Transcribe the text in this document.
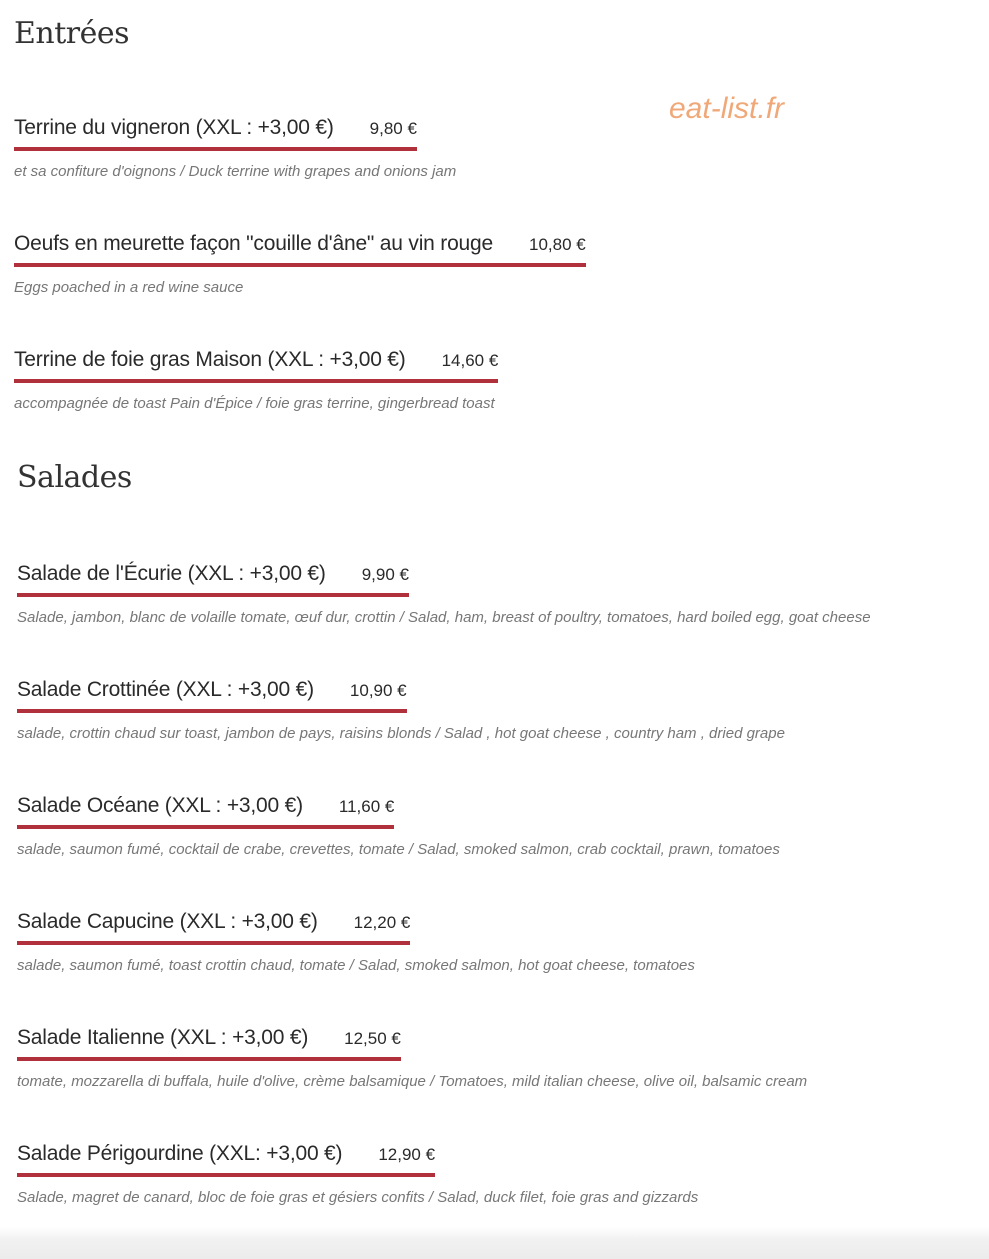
Entrées
eat-list.fr
Terrine du vigneron (XXL : +3,00 €) 9,80 €
et sa confiture d'oignons / Duck terrine with grapes and onions jam
Oeufs en meurette façon "couille d'âne" au vin rouge 10,80 €
Eggs poached in a red wine sauce
Terrine de foie gras Maison (XXL : +3,00 €) 14,60 €
accompagnée de toast Pain d'Épice / foie gras terrine, gingerbread toast
Salades
Salade de l'Écurie (XXL : +3,00 €) 9,90 €
Salade, jambon, blanc de volaille tomate, œuf dur, crottin / Salad, ham, breast of poultry, tomatoes, hard boiled egg, goat cheese
Salade Crottinée (XXL : +3,00 €) 10,90 €
salade, crottin chaud sur toast, jambon de pays, raisins blonds / Salad , hot goat cheese , country ham , dried grape
Salade Océane (XXL : +3,00 €) 11,60 €
salade, saumon fumé, cocktail de crabe, crevettes, tomate / Salad, smoked salmon, crab cocktail, prawn, tomatoes
Salade Capucine (XXL : +3,00 €) 12,20 €
salade, saumon fumé, toast crottin chaud, tomate / Salad, smoked salmon, hot goat cheese, tomatoes
Salade Italienne (XXL : +3,00 €) 12,50 €
tomate, mozzarella di buffala, huile d'olive, crème balsamique / Tomatoes, mild italian cheese, olive oil, balsamic cream
Salade Périgourdine (XXL: +3,00 €) 12,90 €
Salade, magret de canard, bloc de foie gras et gésiers confits / Salad, duck filet, foie gras and gizzards
